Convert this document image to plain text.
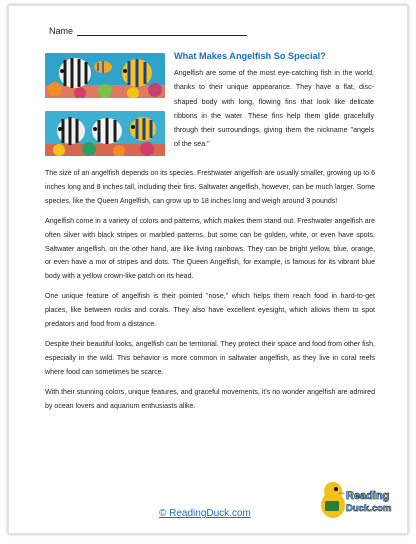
Name
What Makes Angelfish So Special?
Angelfish are some of the most eye-catching fish in the world, thanks to their unique appearance. They have a flat, disc-shaped body with long, flowing fins that look like delicate ribbons in the water. These fins help them glide gracefully through their surroundings, giving them the nickname "angels of the sea."

The size of an angelfish depends on its species. Freshwater angelfish are usually smaller, growing up to 6 inches long and 8 inches tall, including their fins. Saltwater angelfish, however, can be much larger. Some species, like the Queen Angelfish, can grow up to 18 inches long and weigh around 3 pounds!

Angelfish come in a variety of colors and patterns, which makes them stand out. Freshwater angelfish are often silver with black stripes or marbled patterns, but some can be golden, white, or even have spots. Saltwater angelfish, on the other hand, are like living rainbows. They can be bright yellow, blue, orange, or even have a mix of stripes and dots. The Queen Angelfish, for example, is famous for its vibrant blue body with a yellow crown-like patch on its head.

One unique feature of angelfish is their pointed "nose," which helps them reach food in hard-to-get places, like between rocks and corals. They also have excellent eyesight, which allows them to spot predators and food from a distance.

Despite their beautiful looks, angelfish can be territorial. They protect their space and food from other fish, especially in the wild. This behavior is more common in saltwater angelfish, as they live in coral reefs where food can sometimes be scarce.

With their stunning colors, unique features, and graceful movements, it's no wonder angelfish are admired by ocean lovers and aquarium enthusiasts alike.

© ReadingDuck.com
Reading
Duck.com
